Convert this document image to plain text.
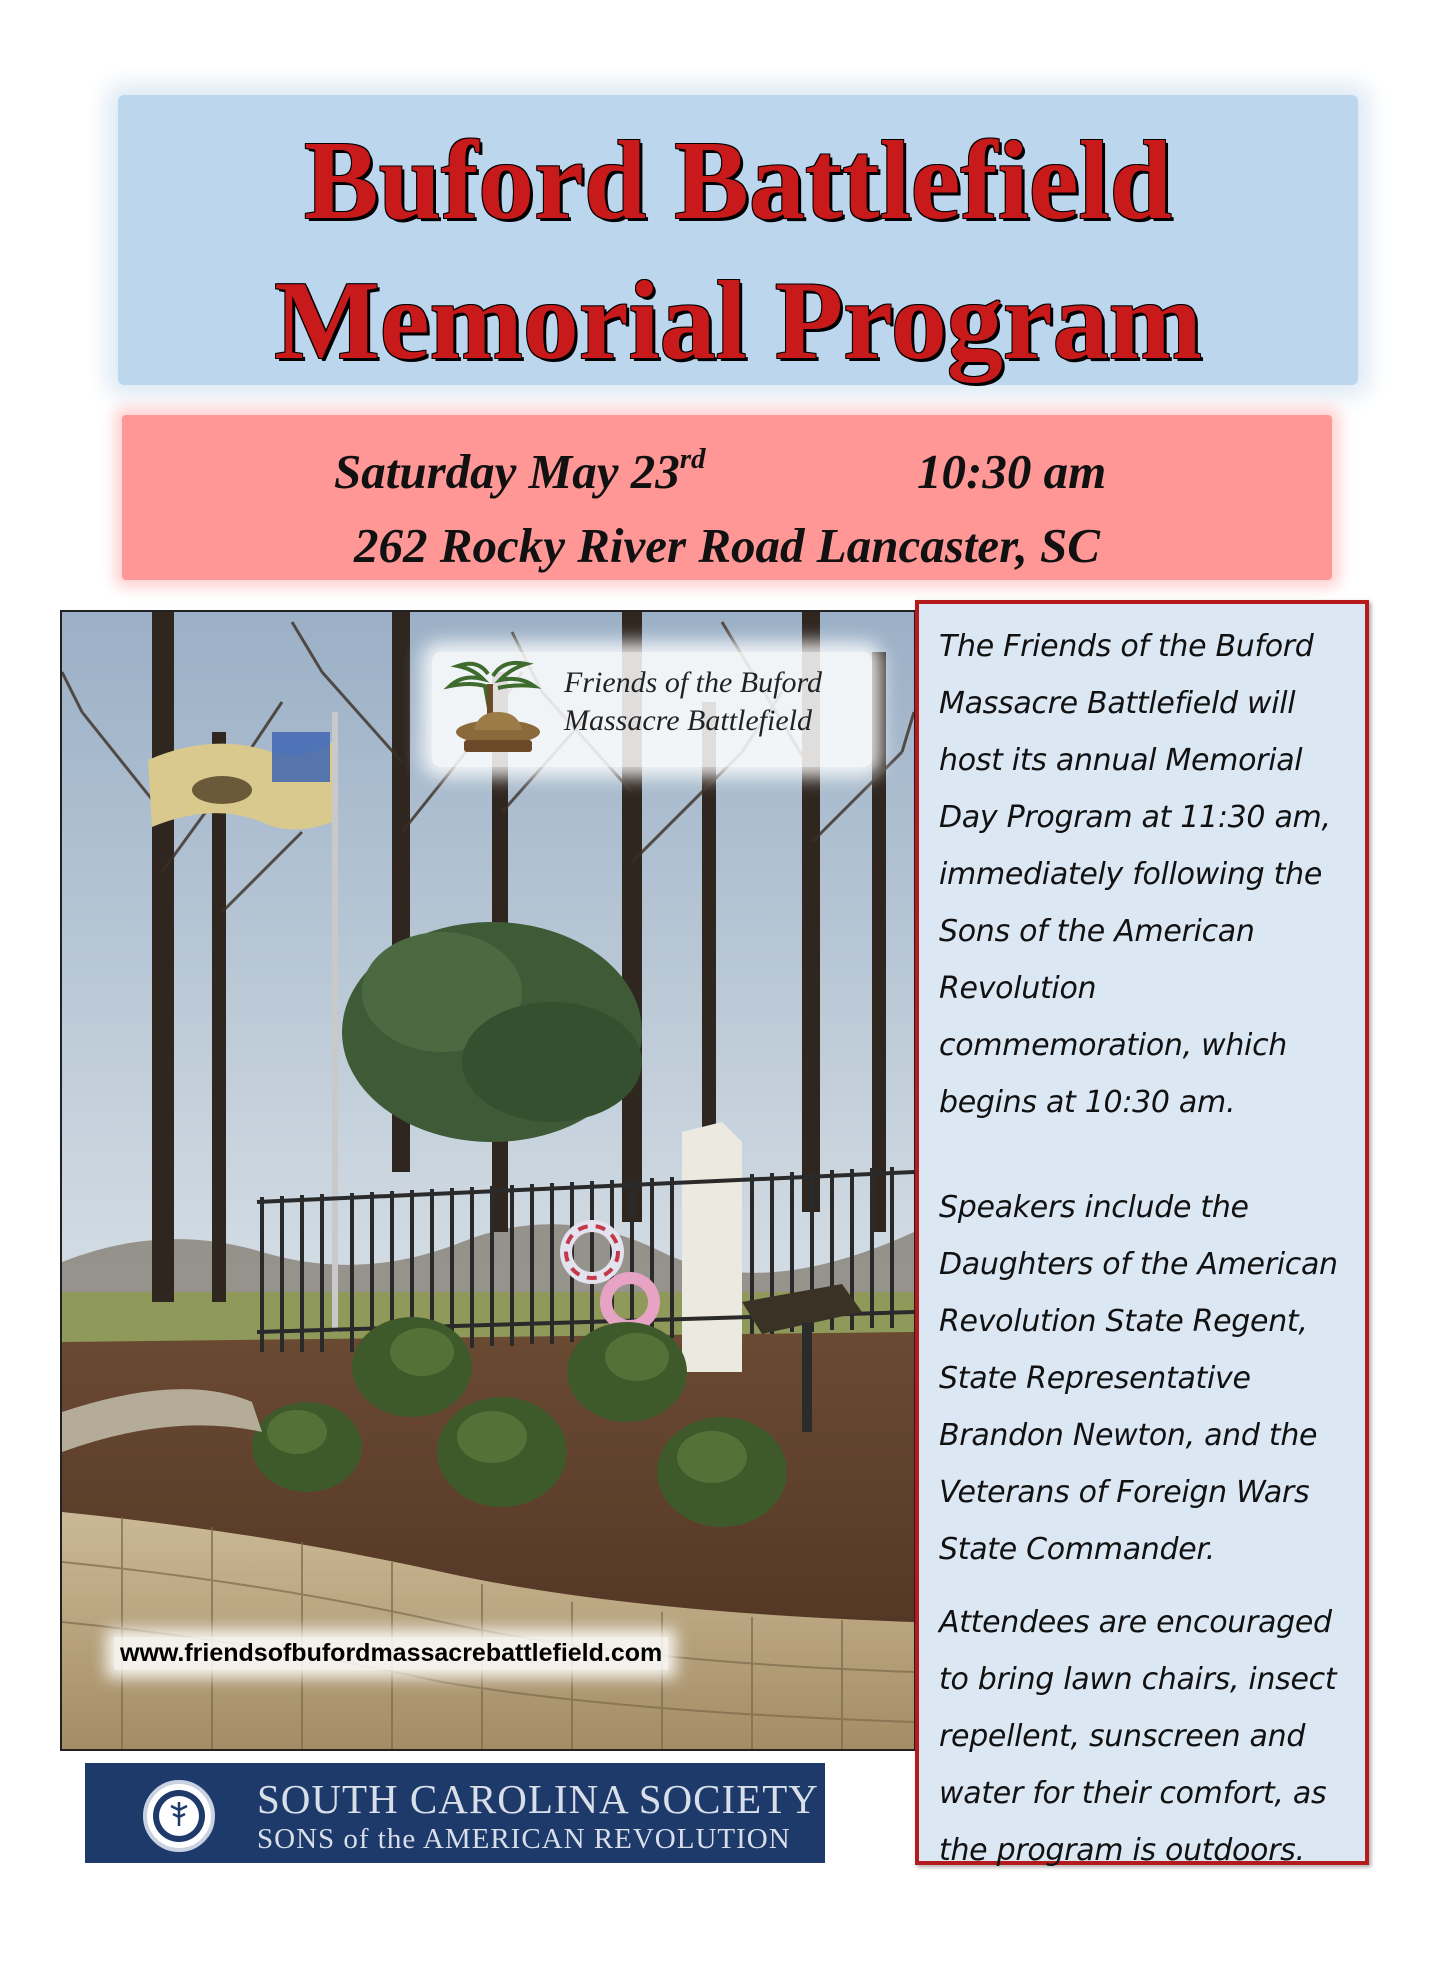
Buford Battlefield
Memorial Program
Saturday May 23rd	10:30 am
262 Rocky River Road Lancaster, SC
Friends of the Buford
Massacre Battlefield
www.friendsofbufordmassacrebattlefield.com
SOUTH CAROLINA SOCIETY
SONS of the AMERICAN REVOLUTION

The Friends of the Buford Massacre Battlefield will host its annual Memorial Day Program at 11:30 am, immediately following the Sons of the American Revolution commemoration, which begins at 10:30 am.

Speakers include the Daughters of the American Revolution State Regent, State Representative Brandon Newton, and the Veterans of Foreign Wars State Commander.

Attendees are encouraged to bring lawn chairs, insect repellent, sunscreen and water for their comfort, as the program is outdoors.
